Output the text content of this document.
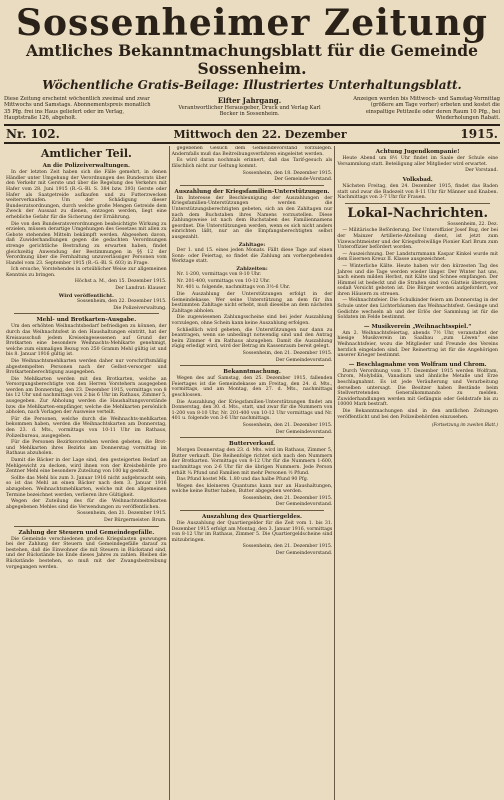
Sossenheimer Zeitung
Amtliches Bekanntmachungsblatt für die Gemeinde Sossenheim.
Wöchentliche Gratis-Beilage: Illustriertes Unterhaltungsblatt.
Diese Zeitung erscheint wöchentlich zweimal und zwar Mittwochs und Samstags. Abonnementspreis monatlich 35 Pfg. frei ins Haus geliefert oder im Verlag, Hauptstraße 126, abgeholt.
Elfter Jahrgang.
Verantwortlicher Herausgeber, Druck und Verlag Karl Becker in Sossenheim.
Anzeigen werden bis Mittwoch- und Samstag-Vormittag (größere am Tage vorher) erbeten und kostet die einspaltige Petitzeile oder deren Raum 10 Pfg., bei Wiederholungen Rabatt.
Nr. 102.	Mittwoch den 22. Dezember	1915.
Amtlicher Teil.
An die Polizeiverwaltungen.

In der letzten Zeit haben sich die Fälle gemehrt, in denen Händler unter Umgehung der Verordnungen des Bundesrats über den Verkehr mit Gerste und über die Regelung des Verkehrs mit Hafer vom 28. Juni 1915 (R.-G.-Bl. S. 384 bzw. 393) Gerste oder Hafer als Saatgetreide aufkaufen und zu Futterzwecken weiterverkaufen. Um der Schädigung dieser Bundesratsordnungen, durch welche große Mengen Getreide dem Zweck der Aussaat zu dienen, entzogen werden, liegt eine erhebliche Gefahr für die Sicherung der Ernährung.

Die von den Bundesratsverordnungen beabsichtigte Wirkung zu erzielen, müssen derartige Umgehungen des Gesetzes mit allen zu Gebote stehenden Mitteln bekämpft werden. Abgesehen davon, daß Zuwiderhandlungen gegen die gedachten Verordnungen strenge gerichtliche Bestrafung zu erwarten haben, findet gleichzeitig Anwendung der Bestimmungen in §§ 12 der Verordnung über die Fernhaltung unzuverlässiger Personen vom Handel vom 23. September 1915 (R.-G.-Bl. S. 603) in Frage.

Ich ersuche, Vorstehendes in ortsüblicher Weise zur allgemeinen Kenntnis zu bringen.

Höchst a. M., den 15. Dezember 1915.
Der Landrat: Klauser.
Wird veröffentlicht.
Sossenheim, den 22. Dezember 1915.
Die Polizeiverwaltung.
Mehl- und Brotkarten-Ausgabe.

Um den erhöhten Weihnachtsbedarf befriedigen zu können, der durch das Weihnachtsfest in den Haushaltungen eintritt, hat der Kreisausschuß jedem Kreiseingesessenen auf Grund der Brotkarten eine besondere Weihnachts-Mehlkarte genehmigt, welche zum einmaligen Bezug von 250 Gramm Mehl gültig ist und bis 8. Januar 1916 gültig ist.

Die Weihnachtsmehlkarten werden daher nur vorschriftsmäßig abgestempelten Personen nach der Gelbst-versorger und Brotkartenberechtigung ausgegeben.

Die Mehlkarten werden mit den Brotkarten, welche an Versorgungsberechtigte von den Herren Vorstehern ausgegeben werden am Donnerstag, den 23. Dezember 1915, vormittags von 8 bis 12 Uhr und nachmittags von 2 bis 6 Uhr im Rathaus, Zimmer 5, ausgegeben. Zur Abholung werden die Haushaltungsvorstände bzw. die Mehlkarten-empfänger, welche die Mehlkarten persönlich abholen, nach Vorlagen der Ausweise verteilt.

Für die Personen, welche durch die Weihnachts-mehlkarten bekommen haben, werden die Weihnachtskarten am Donnerstag, den 23. d. Mts., vormittags von 10-11 Uhr im Rathaus, Polizeibureau, ausgegeben.

Für die Personen Bezirksvorstehen werden gebeten, die Brot- und Mehlkarten ihres Bezirks am Donnerstag vormittag im Rathaus abzuholen.

Damit die Bäcker in der Lage sind, den gesteigerten Bedarf an Mehlgewicht zu decken, wird ihnen von der Kreisbehörde pro Zentner Mehl eine besondere Zuteilung von 100 kg gestellt.

Sollte das Mehl bis zum 3. Januar 1916 nicht aufgebraucht sein, so ist das Mehl an einen Bäcker nach dem 3. Januar 1916 abzugeben. Weihnachtsmehlkarten, welche mit den allgemeinen Termine bezeichnet werden, verlieren ihre Gültigkeit.

Wegen der Zuteilung des für die Weihnachtsmehlkarten abgegebenen Mehles sind die Verwendungen zu veröffentlichen.

Sossenheim, den 21. Dezember 1915.
Der Bürgermeister: Brum.
Zahlung der Steuern und Gemeindegefälle.

Die Gemeinde verschiedenen großen Kriegslasten gezwungen bei der Zahlung der Steuern und Gemeindegefälle darauf zu bestehen, daß die Einwohner die mit Steuern in Rückstand sind, und der Rückstände bis Ende dieses Jahres zu zahlen. Bleiben die Rückstände bestehen, so muß mit der Zwangsbeitreibung vorgegangen werden.

gegebenen Gesuch dem Gemeindevorstand vorzulegen. Andernfalls muß das Beitreibungsverfahren eingeleitet werden.

Es wird daran nochmals erinnert, daß das Tarif-gesuch als fälschlich nicht zur Geltung kommt.

Sossenheim, den 18. Dezember 1915.
Der Gemeinde-Vorstand.
Auszahlung der Kriegsfamilien-Unterstützungen.

Im Interesse der Beschleunigung der Auszahlungen der Kriegsfamilien-Unterstützungen werden die Unterstützungsberechtigten gebeten, sich an den Zahltagen nur nach dem Buchstaben ihres Namens vorzustellen. Diese Zahlungsweise ist nach dem Buchstaben des Familiennamens geordnet. Die Unterstützungen werden, wenn es sich nicht anders einrichten läßt, nur an die Empfangsberechtigten selbst ausgezahlt.

Zahltage:

Der 1. und 15. eines jeden Monats. Fällt diese Tage auf einen Sonn- oder Feiertag, so findet die Zahlung am vorhergehenden Werktage statt.

Zahlzeiten:

Nr. 1-200, vormittags von 8-10 Uhr.

Nr. 201-400, vormittags von 10-12 Uhr.

Nr. 401 u. folgende, nachmittags von 3½-6 Uhr.

Die Auszahlung der Unterstützungen erfolgt in der Gemeindekasse. Wer seine Unterstützung an dem für ihn bestimmten Zahltage nicht erhebt, muß dieselbe an dem nächsten Zahltage abholen.

Die zugewiesenen Zahlungsscheine sind bei jeder Auszahlung vorzulegen, ohne Schein kann keine Auszahlung erfolgen.

Schließlich wird gebeten, die Unterstützungen nur dann zu beantragen, wenn sie unbedingt notwendig sind und den Antrag beim Zimmer 4 im Rathaus abzugeben. Damit die Auszahlung zügig erledigt wird, wird der Betrag im Kassenraum bereit gelegt.

Sossenheim, den 21. Dezember 1915.
Der Gemeindevorstand.
Bekanntmachung.

Wegen des auf Samstag, den 25. Dezember 1915, fallenden Feiertages ist die Gemeindekasse am Freitag, den 24. d. Mts., vormittags, und am Montag, den 27. d. Mts., nachmittags geschlossen.

Die Auszahlung der Kriegsfamilien-Unterstützungen findet am Donnerstag, den 30. d. Mts., statt, und zwar für die Nummern von 1-200 von 8-10 Uhr, Nr. 201-400 von 10-12 Uhr vormittags und Nr. 401 u. folgende von 3-6 Uhr nachmittags.

Sossenheim, den 21. Dezember 1915.
Der Gemeindevorstand.
Butterverkauf.

Morgen Donnerstag den 23. d. Mts. wird im Rathaus, Zimmer 5, Butter verkauft. Die Reihenfolge richtet sich nach den Nummern der Brotkarten. Vormittags von 8-12 Uhr für die Nummern 1-600, nachmittags von 2-6 Uhr für die übrigen Nummern. Jede Person erhält ¼ Pfund und Familien mit mehr Personen ½ Pfund.

Das Pfund kostet Mk. 1.80 und das halbe Pfund 90 Pfg.

Wegen des kleineren Quantums kann nur an Haushaltungen, welche keine Butter haben, Butter abgegeben werden.

Sossenheim, den 21. Dezember 1915.
Der Gemeindevorstand.
Auszahlung des Quartiergeldes.

Die Auszahlung der Quartiergelder für die Zeit vom 1. bis 31. Dezember 1915 erfolgt am Montag, den 3. Januar 1916, vormittags von 8-12 Uhr im Rathaus, Zimmer 5. Die Quartiergeldscheine sind mitzubringen.

Sossenheim, den 21. Dezember 1915.
Der Gemeindevorstand.
Achtung Jugendkompanie!

Heute Abend um 8½ Uhr findet im Saale der Schule eine Versammlung statt. Beteiligung aller Mitglieder wird erwartet.

Der Vorstand.
Volksbad.

Nächsten Freitag, den 24. Dezember 1915, findet das Baden statt und zwar die Badezeit von 8-11 Uhr für Männer und Knaben. Nachmittags von 3-7 Uhr für Frauen.

Lokal-Nachrichten.
Sossenheim, 22. Dez.

— Militärische Beförderung. Der Unteroffizier Josef Bug, der bei der Mainzer Artillerie-Abteilung dient, ist jetzt zum Vizewachtmeister und der Kriegsfreiwillige Pionier Karl Brum zum Unteroffizier befördert worden.

— Auszeichnung. Der Landsturmmann Kaspar Kinkel wurde mit dem Eisernen Kreuz II. Klasse ausgezeichnet.

— Winterliche Kälte. Heute haben wir den kürzesten Tag des Jahres und die Tage werden wieder länger. Der Winter hat uns, nach einem milden Herbst, mit Kälte und Schnee empfangen. Der Himmel ist bedeckt und die Straßen sind von Glatteis überzogen, sodaß Vorsicht geboten ist. Die Bürger werden aufgefordert, vor ihren Häusern zu streuen.

— Weihnachtsfeier. Die Schulkinder feiern am Donnerstag in der Schule unter den Lichterbäumen das Weihnachtsfest. Gesänge und Gedichte wechseln ab und der Erlös der Sammlung ist für die Soldaten im Felde bestimmt.

— Musikverein „Weihnachtsspiel.“

Am 2. Weihnachtsfeiertag, abends 7½ Uhr, veranstaltet der hiesige Musikverein im Saalbau „zum Löwen“ eine Weihnachtsfeier, wozu die Mitglieder und Freunde des Vereins herzlich eingeladen sind. Der Reinertrag ist für die Angehörigen unserer Krieger bestimmt.

— Beschlagnahme von Wolfram und Chrom.

Durch Verordnung vom 17. Dezember 1915 werden Wolfram, Chrom, Molybdän, Vanadium und ähnliche Metalle und Erze beschlagnahmt. Es ist jede Veräußerung und Verarbeitung derselben untersagt. Die Besitzer haben Bestände beim Stellvertretenden Generalkommando zu melden. Zuwiderhandlungen werden mit Gefängnis oder Geldstrafe bis zu 10000 Mark bestraft.

Die Bekanntmachungen sind in den amtlichen Zeitungen veröffentlicht und bei den Polizeibehörden einzusehen.

(Fortsetzung im zweiten Blatt.)
